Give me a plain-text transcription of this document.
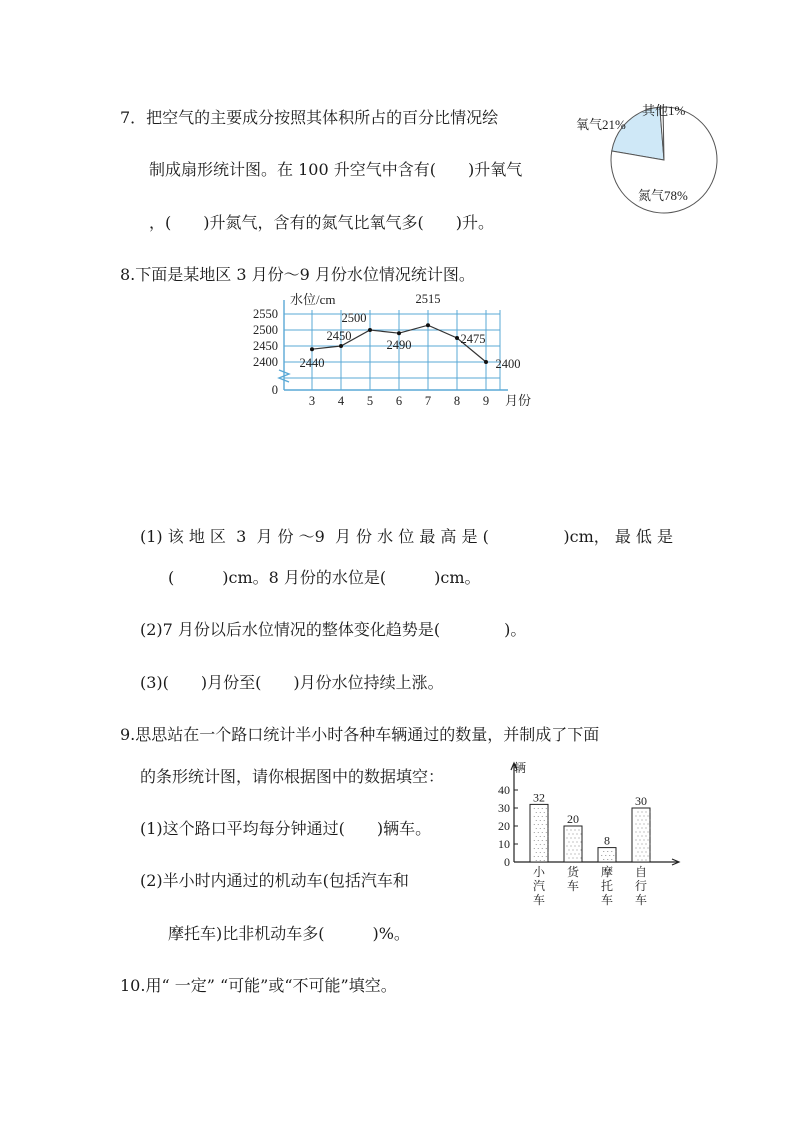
7．把空气的主要成分按照其体积所占的百分比情况绘
制成扇形统计图。在 100 升空气中含有(　　)升氧气
，(　　)升氮气，含有的氮气比氧气多(　　)升。
氧气21%
其他1%
氮气78%
8.下面是某地区 3 月份～9 月份水位情况统计图。
2550
2500
2450
2400
0
3 4 5 6 7 8 9
2440
2450
2500
2490
2515
2475
2400
水位/cm
月份
(1) 该 地 区  3  月 份 ～9  月 份 水 位 最 高 是 (	)cm， 最 低 是
(　　　)cm。8 月份的水位是(　　　)cm。
(2)7 月份以后水位情况的整体变化趋势是(　　　　)。
(3)(　　)月份至(　　)月份水位持续上涨。
9.思思站在一个路口统计半小时各种车辆通过的数量，并制成了下面
的条形统计图，请你根据图中的数据填空：
(1)这个路口平均每分钟通过(　　)辆车。
(2)半小时内通过的机动车(包括汽车和
摩托车)比非机动车多(　　　)%。
40
30
20
10
0
32
小
汽
车
20
货
车
8
摩
托
车
30
自
行
车
辆
10.用“ 一定” “可能”或“不可能”填空。
